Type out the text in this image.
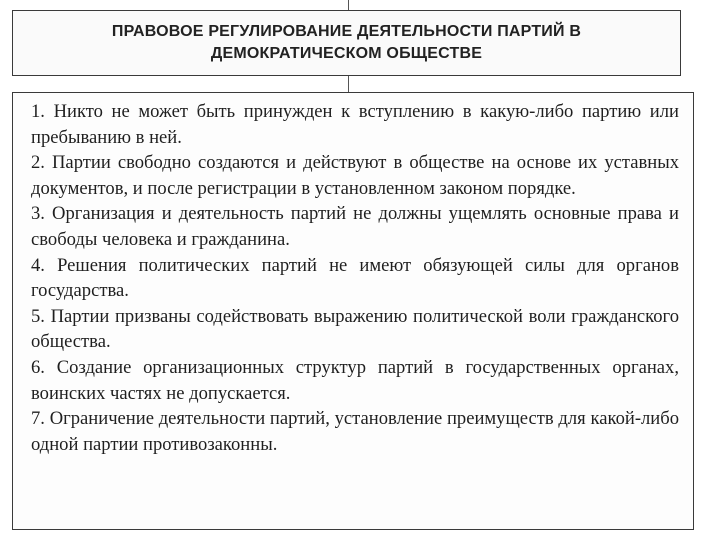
ПРАВОВОЕ РЕГУЛИРОВАНИЕ ДЕЯТЕЛЬНОСТИ ПАРТИЙ В
ДЕМОКРАТИЧЕСКОМ ОБЩЕСТВЕ
1. Никто не может быть принужден к вступлению в какую-либо партию или пребыванию в ней.
2. Партии свободно создаются и действуют в обществе на основе их уставных документов, и после регистрации в установленном законом порядке.
3. Организация и деятельность партий не должны ущемлять основные права и свободы человека и гражданина.
4. Решения политических партий не имеют обязующей силы для органов государства.
5. Партии призваны содействовать выражению политической воли гражданского общества.
6. Создание организационных структур партий в государственных органах, воинских частях не допускается.
7. Ограничение деятельности партий, установление преимуществ для какой-либо одной партии противозаконны.
